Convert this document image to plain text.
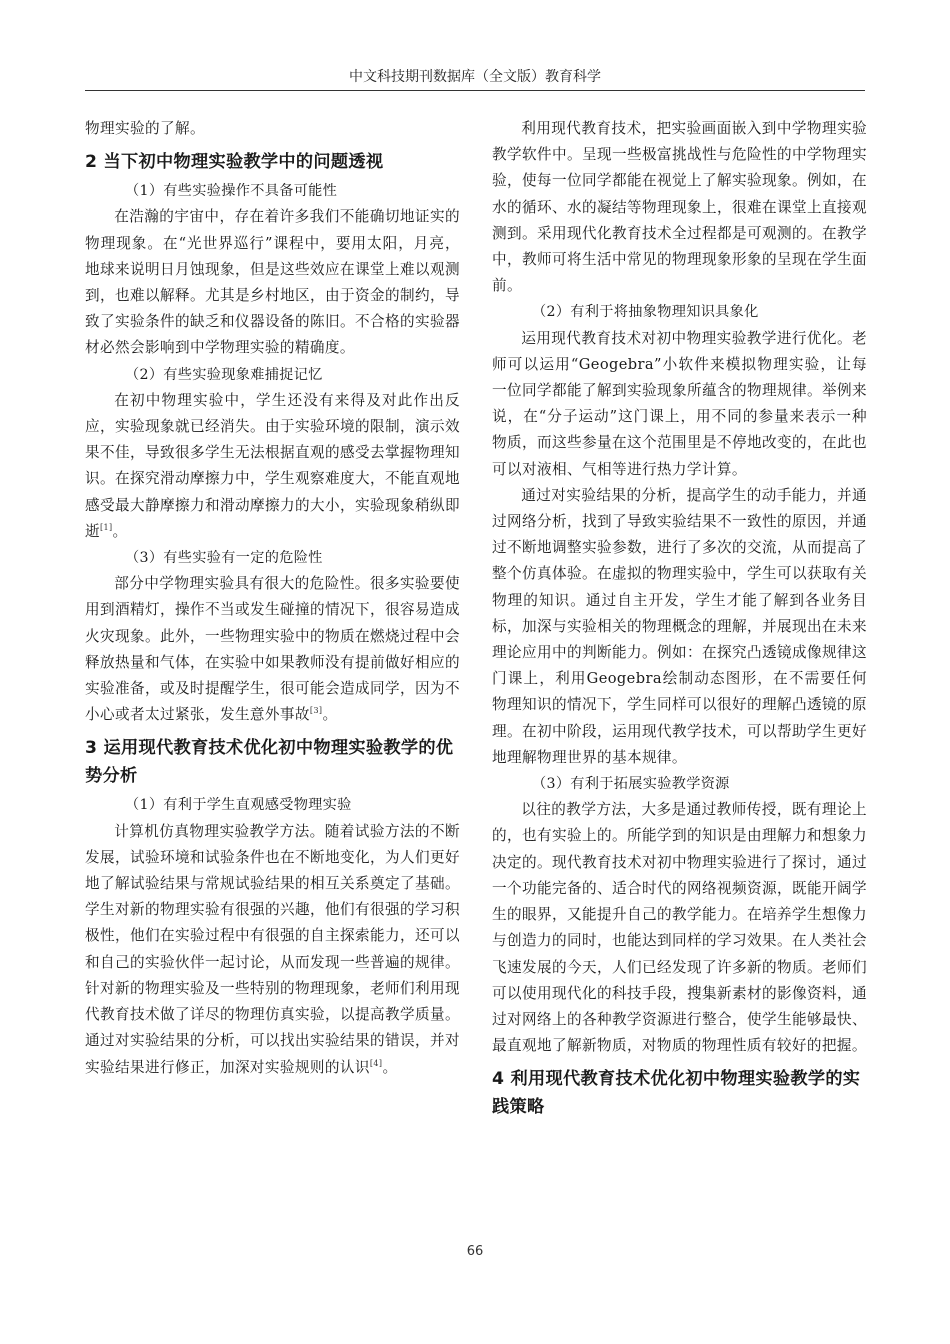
中文科技期刊数据库（全文版）教育科学

物理实验的了解。

2 当下初中物理实验教学中的问题透视

（1）有些实验操作不具备可能性

在浩瀚的宇宙中，存在着许多我们不能确切地证实的物理现象。在“光世界巡行”课程中，要用太阳，月亮，地球来说明日月蚀现象，但是这些效应在课堂上难以观测到，也难以解释。尤其是乡村地区，由于资金的制约，导致了实验条件的缺乏和仪器设备的陈旧。不合格的实验器材必然会影响到中学物理实验的精确度。

（2）有些实验现象难捕捉记忆

在初中物理实验中，学生还没有来得及对此作出反应，实验现象就已经消失。由于实验环境的限制，演示效果不佳，导致很多学生无法根据直观的感受去掌握物理知识。在探究滑动摩擦力中，学生观察难度大，不能直观地感受最大静摩擦力和滑动摩擦力的大小，实验现象稍纵即逝[1]。

（3）有些实验有一定的危险性

部分中学物理实验具有很大的危险性。很多实验要使用到酒精灯，操作不当或发生碰撞的情况下，很容易造成火灾现象。此外，一些物理实验中的物质在燃烧过程中会释放热量和气体，在实验中如果教师没有提前做好相应的实验准备，或及时提醒学生，很可能会造成同学，因为不小心或者太过紧张，发生意外事故[3]。

3 运用现代教育技术优化初中物理实验教学的优势分析

（1）有利于学生直观感受物理实验

计算机仿真物理实验教学方法。随着试验方法的不断发展，试验环境和试验条件也在不断地变化，为人们更好地了解试验结果与常规试验结果的相互关系奠定了基础。学生对新的物理实验有很强的兴趣，他们有很强的学习积极性，他们在实验过程中有很强的自主探索能力，还可以和自己的实验伙伴一起讨论，从而发现一些普遍的规律。针对新的物理实验及一些特别的物理现象，老师们利用现代教育技术做了详尽的物理仿真实验，以提高教学质量。通过对实验结果的分析，可以找出实验结果的错误，并对实验结果进行修正，加深对实验规则的认识[4]。

利用现代教育技术，把实验画面嵌入到中学物理实验教学软件中。呈现一些极富挑战性与危险性的中学物理实验，使每一位同学都能在视觉上了解实验现象。例如，在水的循环、水的凝结等物理现象上，很难在课堂上直接观测到。采用现代化教育技术全过程都是可观测的。在教学中，教师可将生活中常见的物理现象形象的呈现在学生面前。

（2）有利于将抽象物理知识具象化

运用现代教育技术对初中物理实验教学进行优化。老师可以运用“Geogebra”小软件来模拟物理实验，让每一位同学都能了解到实验现象所蕴含的物理规律。举例来说，在“分子运动”这门课上，用不同的参量来表示一种物质，而这些参量在这个范围里是不停地改变的，在此也可以对液相、气相等进行热力学计算。

通过对实验结果的分析，提高学生的动手能力，并通过网络分析，找到了导致实验结果不一致性的原因，并通过不断地调整实验参数，进行了多次的交流，从而提高了整个仿真体验。在虚拟的物理实验中，学生可以获取有关物理的知识。通过自主开发，学生才能了解到各业务目标，加深与实验相关的物理概念的理解，并展现出在未来理论应用中的判断能力。例如：在探究凸透镜成像规律这门课上，利用Geogebra绘制动态图形，在不需要任何物理知识的情况下，学生同样可以很好的理解凸透镜的原理。在初中阶段，运用现代教学技术，可以帮助学生更好地理解物理世界的基本规律。

（3）有利于拓展实验教学资源

以往的教学方法，大多是通过教师传授，既有理论上的，也有实验上的。所能学到的知识是由理解力和想象力决定的。现代教育技术对初中物理实验进行了探讨，通过一个功能完备的、适合时代的网络视频资源，既能开阔学生的眼界，又能提升自己的教学能力。在培养学生想像力与创造力的同时，也能达到同样的学习效果。在人类社会飞速发展的今天，人们已经发现了许多新的物质。老师们可以使用现代化的科技手段，搜集新素材的影像资料，通过对网络上的各种教学资源进行整合，使学生能够最快、最直观地了解新物质，对物质的物理性质有较好的把握。

4 利用现代教育技术优化初中物理实验教学的实践策略
66
